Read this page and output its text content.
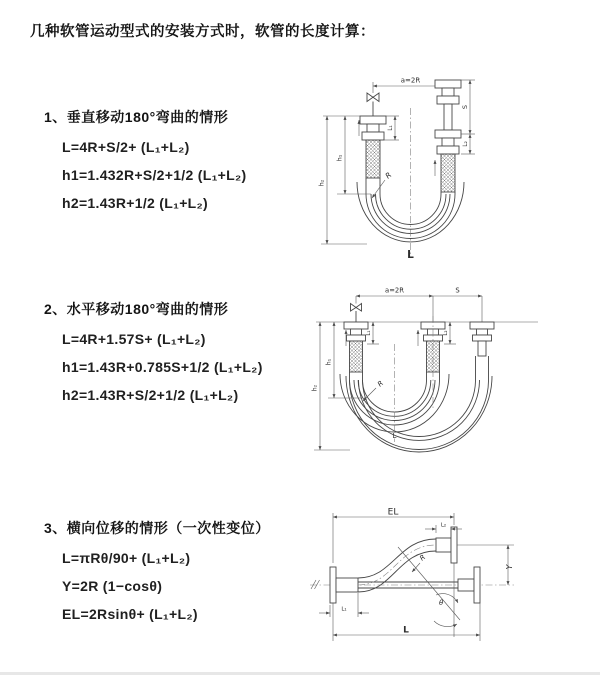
几种软管运动型式的安装方式时，软管的长度计算：
1、垂直移动180°弯曲的情形
L=4R+S/2+ (L₁+L₂)
h1=1.432R+S/2+1/2 (L₁+L₂)
h2=1.43R+1/2 (L₁+L₂)
2、水平移动180°弯曲的情形
L=4R+1.57S+ (L₁+L₂)
h1=1.43R+0.785S+1/2 (L₁+L₂)
h2=1.43R+S/2+1/2 (L₁+L₂)
3、横向位移的情形（一次性变位）
L=πRθ/90+ (L₁+L₂)
Y=2R (1−cosθ)
EL=2Rsinθ+ (L₁+L₂)
a=2R
h₁
h₂
L₁
S
L₂
R
L
a=2R	S
h₁
h₂
L₁	L₂
R
L
θ
R
EL
L₂
Y
L
L₁
